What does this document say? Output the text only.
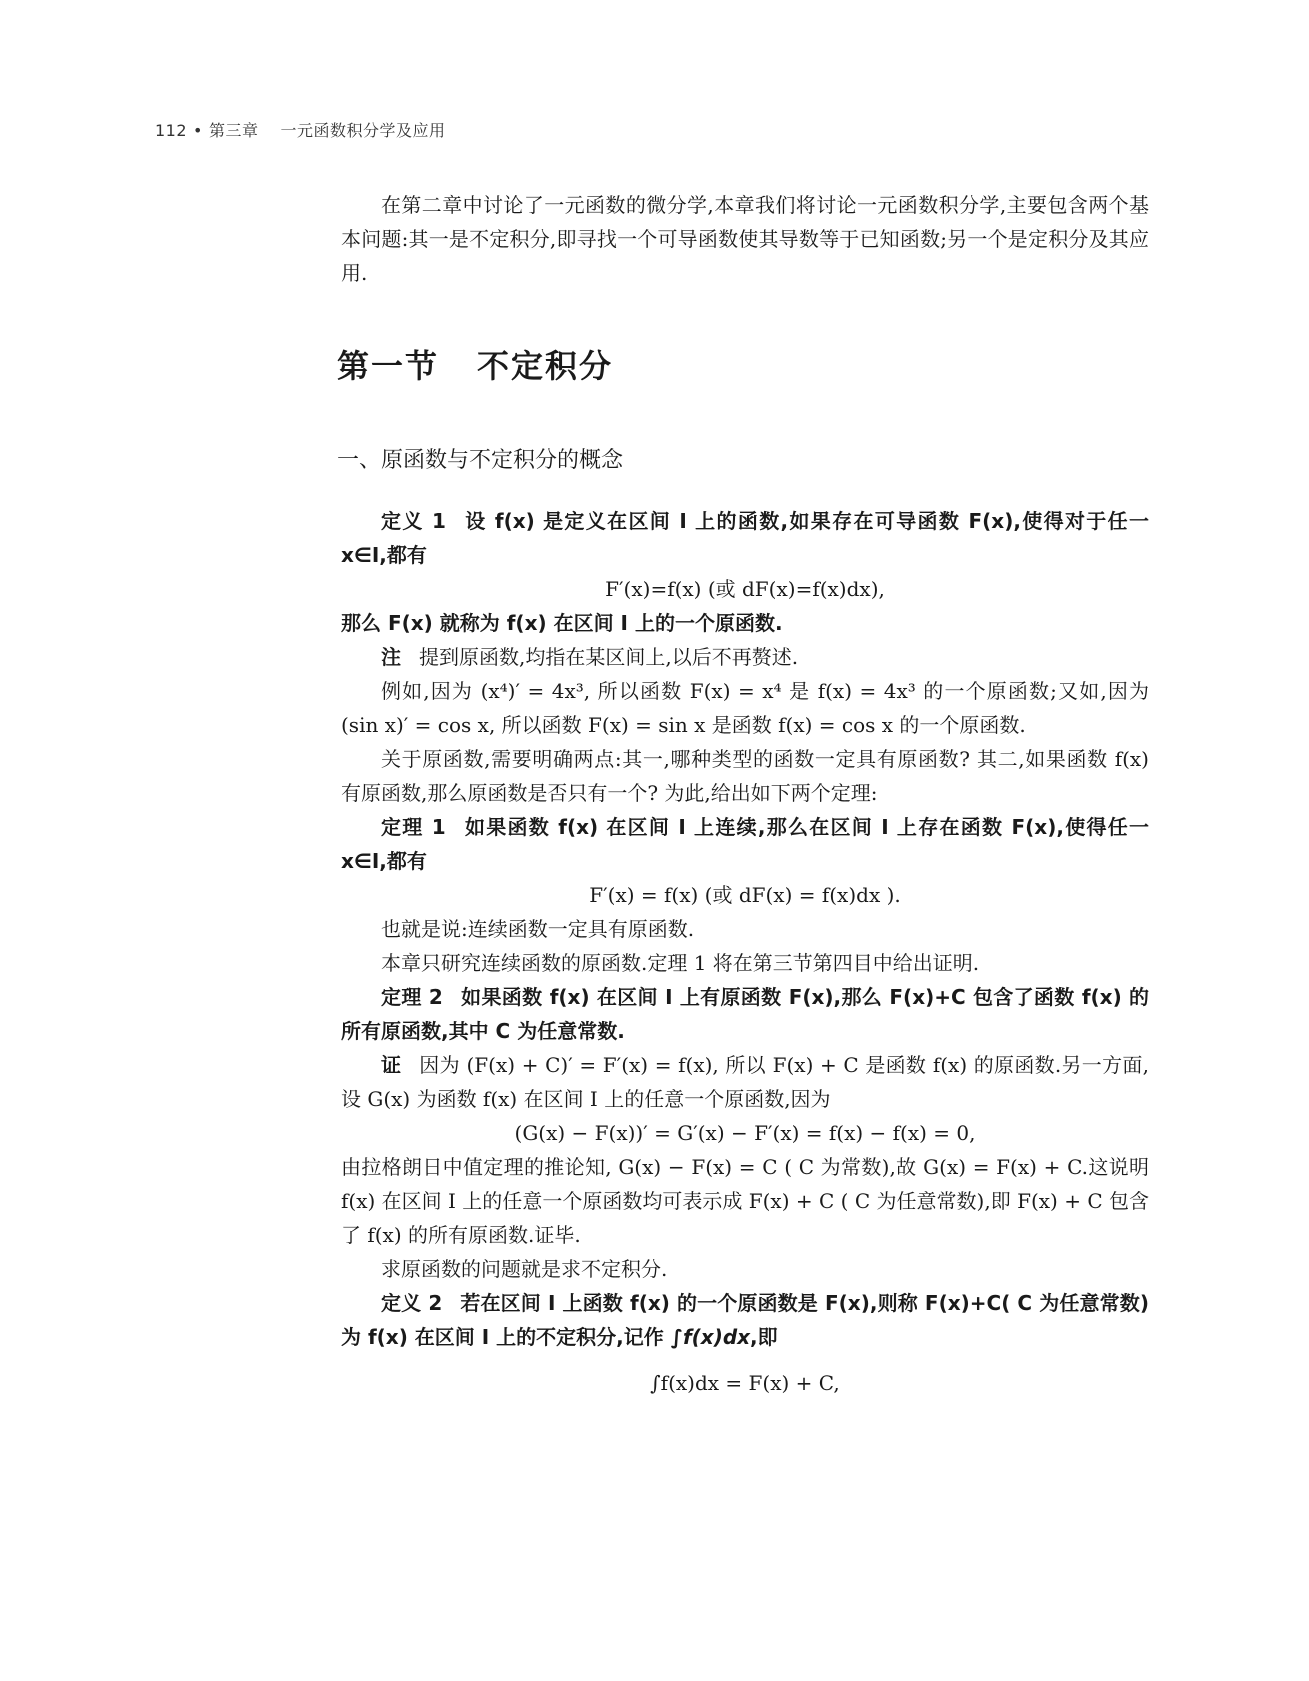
112 • 第三章 一元函数积分学及应用

在第二章中讨论了一元函数的微分学,本章我们将讨论一元函数积分学,主要包含两个基本问题:其一是不定积分,即寻找一个可导函数使其导数等于已知函数;另一个是定积分及其应用.

第一节 不定积分
一、原函数与不定积分的概念

定义 1 设 f(x) 是定义在区间 I 上的函数,如果存在可导函数 F(x),使得对于任一 x∈I,都有

F′(x)=f(x) (或 dF(x)=f(x)dx),

那么 F(x) 就称为 f(x) 在区间 I 上的一个原函数.

注 提到原函数,均指在某区间上,以后不再赘述.

例如,因为 (x⁴)′ = 4x³, 所以函数 F(x) = x⁴ 是 f(x) = 4x³ 的一个原函数;又如,因为 (sin x)′ = cos x, 所以函数 F(x) = sin x 是函数 f(x) = cos x 的一个原函数.

关于原函数,需要明确两点:其一,哪种类型的函数一定具有原函数? 其二,如果函数 f(x) 有原函数,那么原函数是否只有一个? 为此,给出如下两个定理:

定理 1 如果函数 f(x) 在区间 I 上连续,那么在区间 I 上存在函数 F(x),使得任一 x∈I,都有

F′(x) = f(x) (或 dF(x) = f(x)dx ).

也就是说:连续函数一定具有原函数.

本章只研究连续函数的原函数.定理 1 将在第三节第四目中给出证明.

定理 2 如果函数 f(x) 在区间 I 上有原函数 F(x),那么 F(x)+C 包含了函数 f(x) 的所有原函数,其中 C 为任意常数.

证 因为 (F(x) + C)′ = F′(x) = f(x), 所以 F(x) + C 是函数 f(x) 的原函数.另一方面,设 G(x) 为函数 f(x) 在区间 I 上的任意一个原函数,因为

(G(x) − F(x))′ = G′(x) − F′(x) = f(x) − f(x) = 0,

由拉格朗日中值定理的推论知, G(x) − F(x) = C ( C 为常数),故 G(x) = F(x) + C.这说明 f(x) 在区间 I 上的任意一个原函数均可表示成 F(x) + C ( C 为任意常数),即 F(x) + C 包含了 f(x) 的所有原函数.证毕.

求原函数的问题就是求不定积分.

定义 2 若在区间 I 上函数 f(x) 的一个原函数是 F(x),则称 F(x)+C( C 为任意常数)为 f(x) 在区间 I 上的不定积分,记作 ∫f(x)dx,即

∫f(x)dx = F(x) + C,
